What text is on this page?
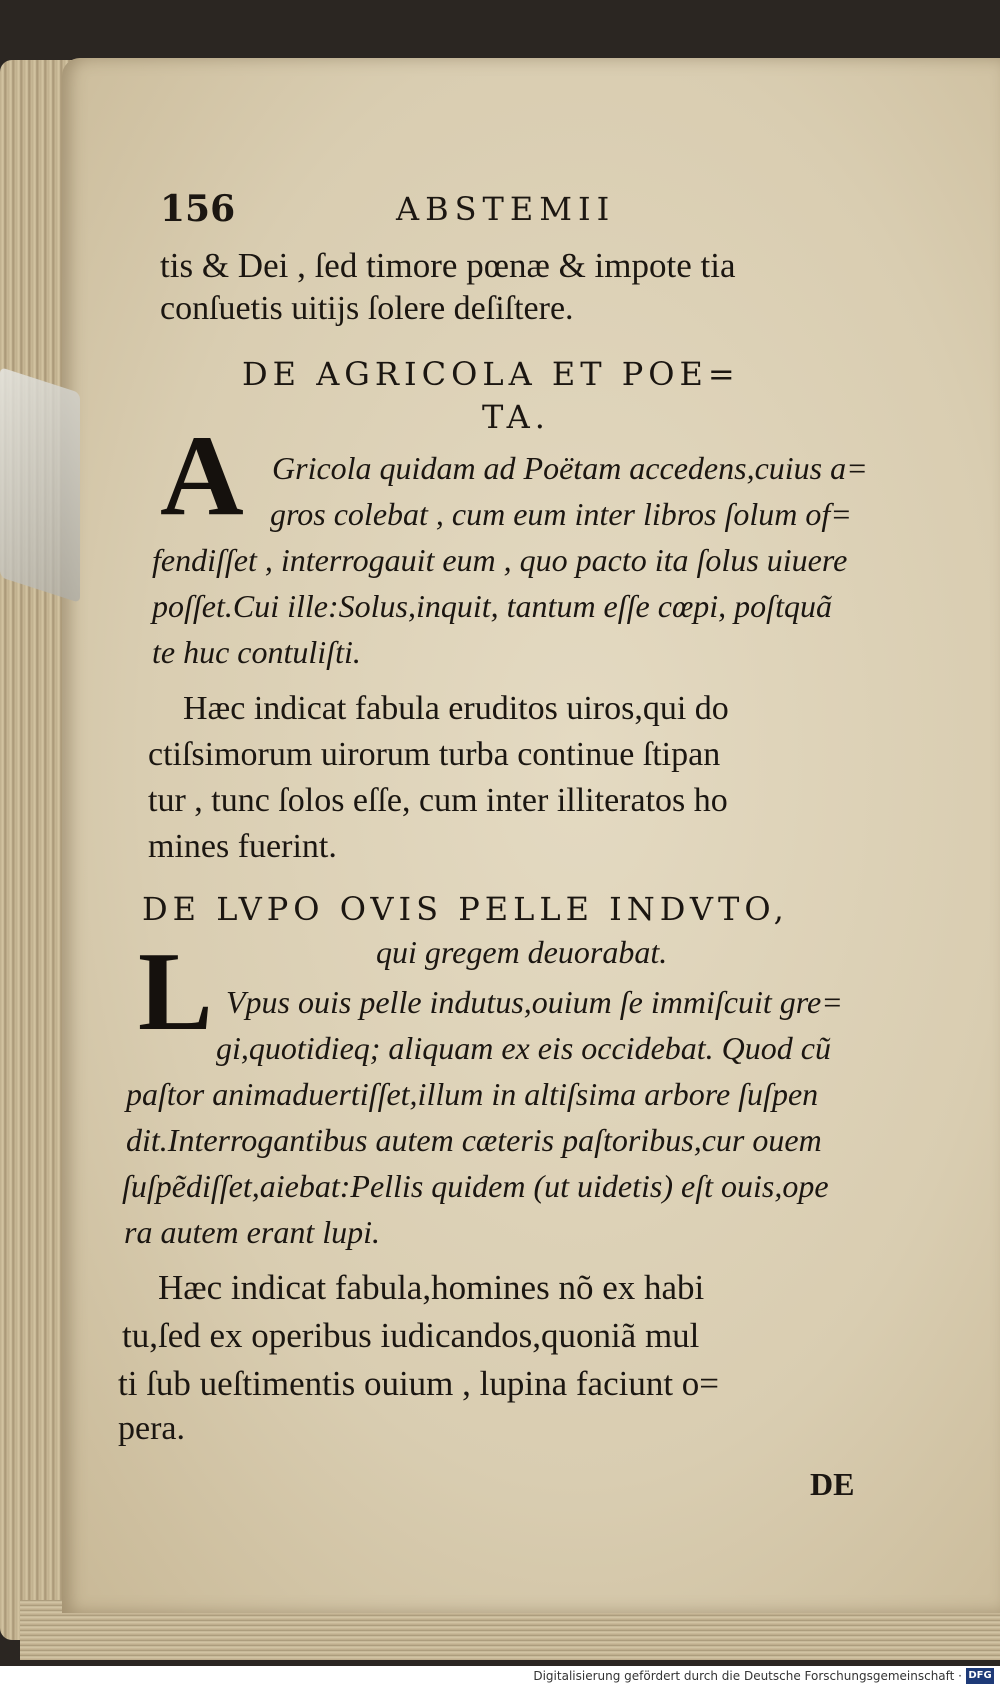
156	ABSTEMII
tis & Dei , ſed timore pœnæ & impote tia
conſuetis uitijs ſolere deſiſtere.
DE AGRICOLA ET POE=
TA.
A Gricola quidam ad Poëtam accedens,cuius a=
gros colebat , cum eum inter libros ſolum of=
fendiſſet , interrogauit eum , quo pacto ita ſolus uiuere
poſſet.Cui ille:Solus,inquit, tantum eſſe cœpi, poſtquã
te huc contuliſti.
Hæc indicat fabula eruditos uiros,qui do
ctiſsimorum uirorum turba continue ſtipan
tur , tunc ſolos eſſe, cum inter illiteratos ho
mines fuerint.
DE LVPO OVIS PELLE INDVTO,
qui gregem deuorabat.
L Vpus ouis pelle indutus,ouium ſe immiſcuit gre=
gi,quotidieq; aliquam ex eis occidebat. Quod cũ
paſtor animaduertiſſet,illum in altiſsima arbore ſuſpen
dit.Interrogantibus autem cæteris paſtoribus,cur ouem
ſuſpẽdiſſet,aiebat:Pellis quidem (ut uidetis) eſt ouis,ope
ra autem erant lupi.
Hæc indicat fabula,homines nõ ex habi
tu,ſed ex operibus iudicandos,quoniã mul
ti ſub ueſtimentis ouium , lupina faciunt o=
pera.
DE
Digitalisierung gefördert durch die Deutsche Forschungsgemeinschaft · DFG
